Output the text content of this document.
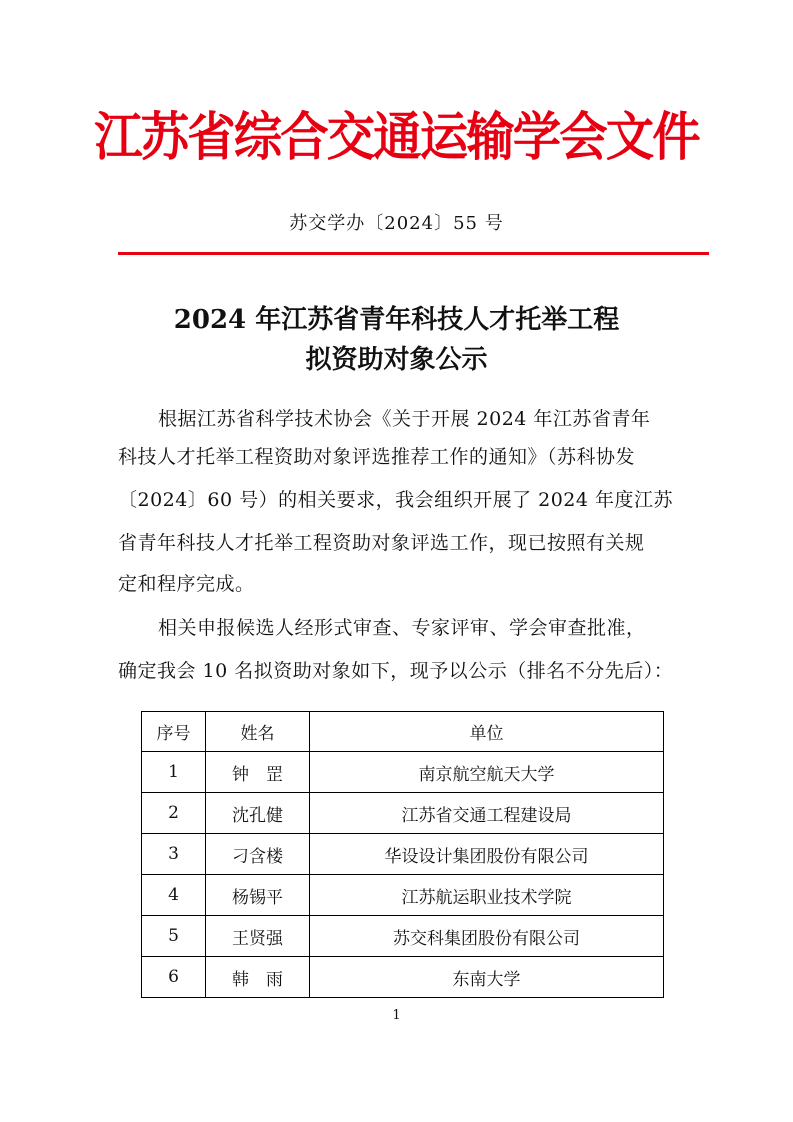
江苏省综合交通运输学会文件
苏交学办〔2024〕55 号
2024 年江苏省青年科技人才托举工程
拟资助对象公示
根据江苏省科学技术协会《关于开展 2024 年江苏省青年
科技人才托举工程资助对象评选推荐工作的通知》（苏科协发
〔2024〕60 号）的相关要求，我会组织开展了 2024 年度江苏
省青年科技人才托举工程资助对象评选工作，现已按照有关规
定和程序完成。
相关申报候选人经形式审查、专家评审、学会审查批准，
确定我会 10 名拟资助对象如下，现予以公示（排名不分先后）：
序号	姓名	单位
1	钟　罡	南京航空航天大学
2	沈孔健	江苏省交通工程建设局
3	刁含楼	华设设计集团股份有限公司
4	杨锡平	江苏航运职业技术学院
5	王贤强	苏交科集团股份有限公司
6	韩　雨	东南大学
1
